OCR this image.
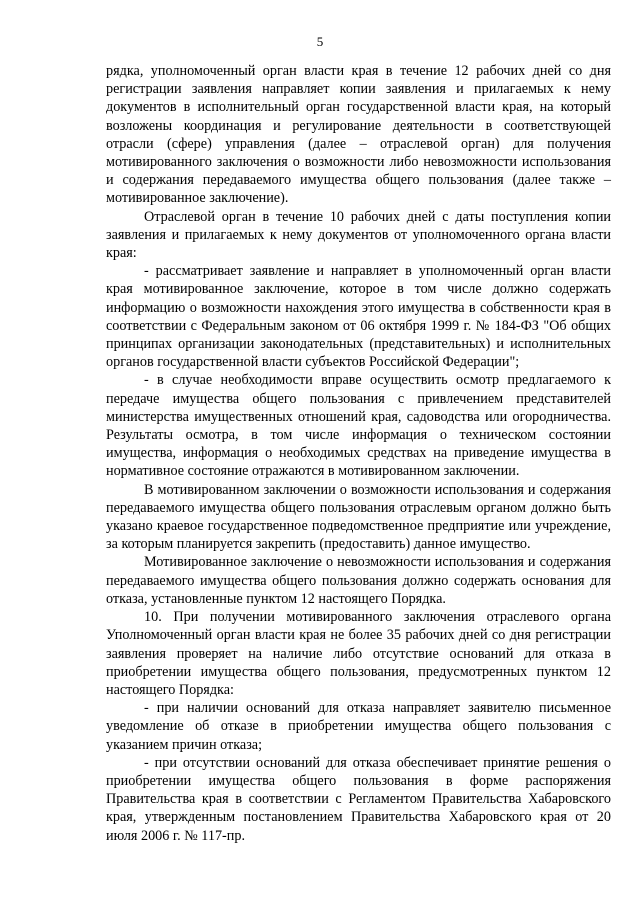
5

рядка, уполномоченный орган власти края в течение 12 рабочих дней со дня регистрации заявления направляет копии заявления и прилагаемых к нему документов в исполнительный орган государственной власти края, на который возложены координация и регулирование деятельности в соответствующей отрасли (сфере) управления (далее – отраслевой орган) для получения мотивированного заключения о возможности либо невозможности использования и содержания передаваемого имущества общего пользования (далее также – мотивированное заключение).

Отраслевой орган в течение 10 рабочих дней с даты поступления копии заявления и прилагаемых к нему документов от уполномоченного органа власти края:

- рассматривает заявление и направляет в уполномоченный орган власти края мотивированное заключение, которое в том числе должно содержать информацию о возможности нахождения этого имущества в собственности края в соответствии с Федеральным законом от 06 октября 1999 г. № 184-ФЗ "Об общих принципах организации законодательных (представительных) и исполнительных органов государственной власти субъектов Российской Федерации";

- в случае необходимости вправе осуществить осмотр предлагаемого к передаче имущества общего пользования с привлечением представителей министерства имущественных отношений края, садоводства или огородничества. Результаты осмотра, в том числе информация о техническом состоянии имущества, информация о необходимых средствах на приведение имущества в нормативное состояние отражаются в мотивированном заключении.

В мотивированном заключении о возможности использования и содержания передаваемого имущества общего пользования отраслевым органом должно быть указано краевое государственное подведомственное предприятие или учреждение, за которым планируется закрепить (предоставить) данное имущество.

Мотивированное заключение о невозможности использования и содержания передаваемого имущества общего пользования должно содержать основания для отказа, установленные пунктом 12 настоящего Порядка.

10. При получении мотивированного заключения отраслевого органа Уполномоченный орган власти края не более 35 рабочих дней со дня регистрации заявления проверяет на наличие либо отсутствие оснований для отказа в приобретении имущества общего пользования, предусмотренных пунктом 12 настоящего Порядка:

- при наличии оснований для отказа направляет заявителю письменное уведомление об отказе в приобретении имущества общего пользования с указанием причин отказа;

- при отсутствии оснований для отказа обеспечивает принятие решения о приобретении имущества общего пользования в форме распоряжения Правительства края в соответствии с Регламентом Правительства Хабаровского края, утвержденным постановлением Правительства Хабаровского края от 20 июля 2006 г. № 117-пр.
